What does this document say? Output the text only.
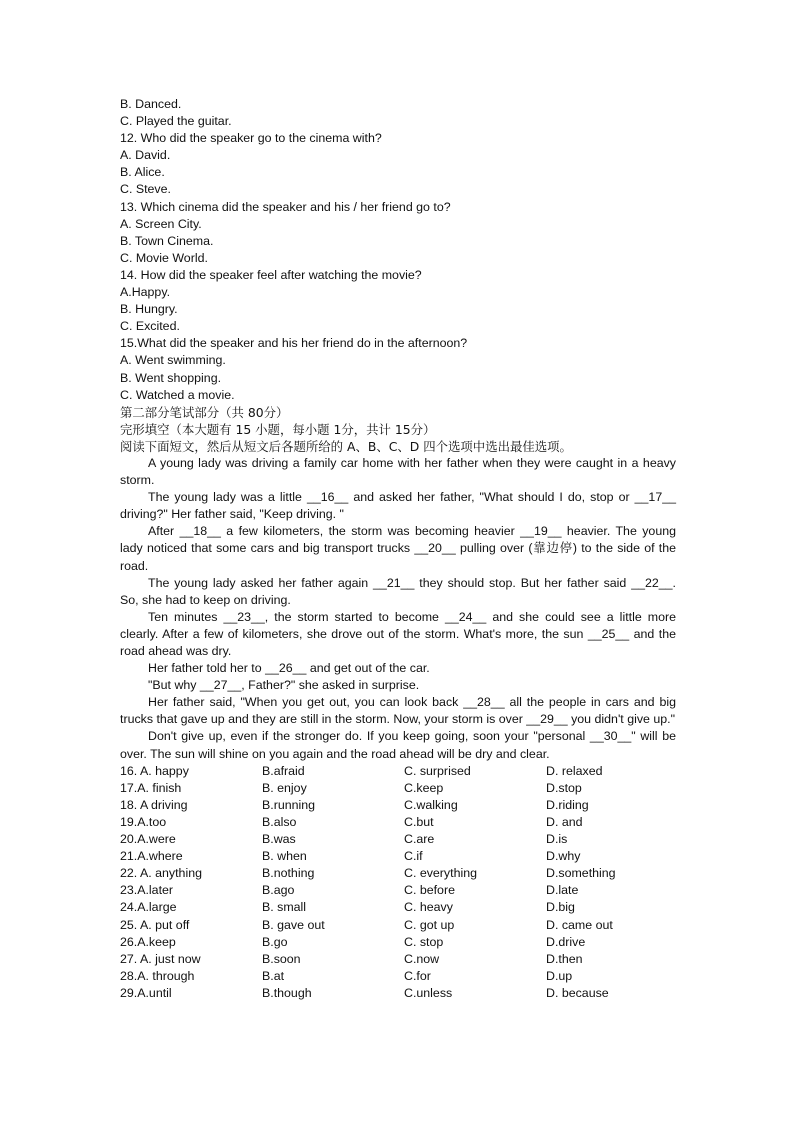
B. Danced.

C. Played the guitar.

12. Who did the speaker go to the cinema with?

A. David.

B. Alice.

C. Steve.

13. Which cinema did the speaker and his / her friend go to?

A. Screen City.

B. Town Cinema.

C. Movie World.

14. How did the speaker feel after watching the movie?

A.Happy.

B. Hungry.

C. Excited.

15.What did the speaker and his her friend do in the afternoon?

A. Went swimming.

B. Went shopping.

C. Watched a movie.

第二部分笔试部分（共 80分）

完形填空（本大题有 15 小题，每小题 1分，共计 15分）

阅读下面短文，然后从短文后各题所给的 A、B、C、D 四个选项中选出最佳选项。

A young lady was driving a family car home with her father when they were caught in a heavy storm.

The young lady was a little __16__ and asked her father, "What should I do, stop or __17__ driving?" Her father said, "Keep driving. "

After __18__ a few kilometers, the storm was becoming heavier __19__ heavier. The young lady noticed that some cars and big transport trucks __20__ pulling over (靠边停) to the side of the road.

The young lady asked her father again __21__ they should stop. But her father said __22__. So, she had to keep on driving.

Ten minutes __23__, the storm started to become __24__ and she could see a little more clearly. After a few of kilometers, she drove out of the storm. What's more, the sun __25__ and the road ahead was dry.

Her father told her to __26__ and get out of the car.

"But why __27__, Father?" she asked in surprise.

Her father said, "When you get out, you can look back __28__ all the people in cars and big trucks that gave up and they are still in the storm. Now, your storm is over __29__ you didn't give up."

Don't give up, even if the stronger do. If you keep going, soon your "personal __30__" will be over. The sun will shine on you again and the road ahead will be dry and clear.

16. A. happy	B.afraid	C. surprised	D. relaxed
17.A. finish	B. enjoy	C.keep	D.stop
18. A driving	B.running	C.walking	D.riding
19.A.too	B.also	C.but	D. and
20.A.were	B.was	C.are	D.is
21.A.where	B. when	C.if	D.why
22. A. anything	B.nothing	C. everything	D.something
23.A.later	B.ago	C. before	D.late
24.A.large	B. small	C. heavy	D.big
25. A. put off	B. gave out	C. got up	D. came out
26.A.keep	B.go	C. stop	D.drive
27. A. just now	B.soon	C.now	D.then
28.A. through	B.at	C.for	D.up
29.A.until	B.though	C.unless	D. because
